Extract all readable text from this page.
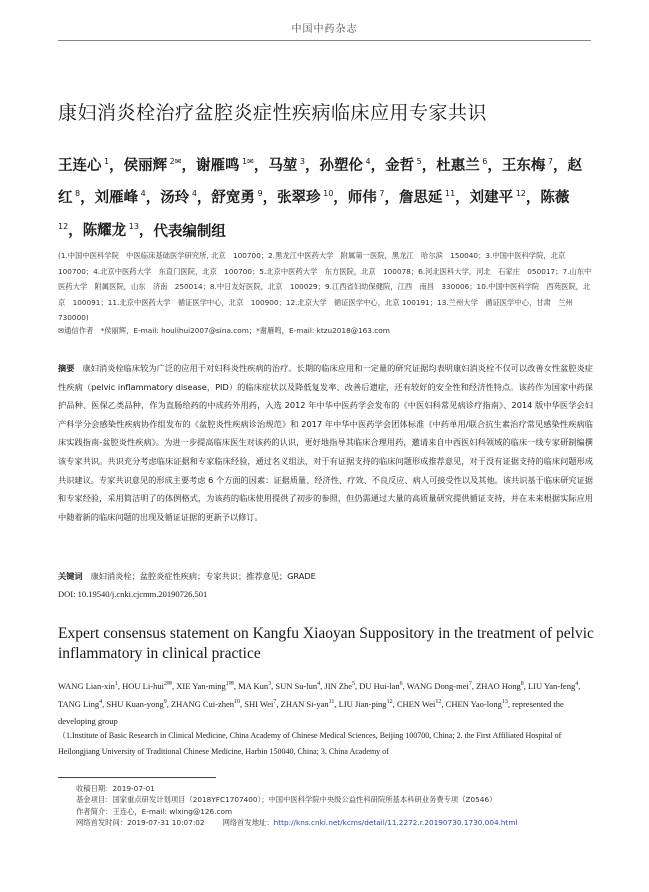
中国中药杂志
康妇消炎栓治疗盆腔炎症性疾病临床应用专家共识
王连心 $^1$，侯丽辉 $^{2✉}$，谢雁鸣 $^{1✉}$，马堃 $^3$，孙塑伦 $^4$，金哲 $^5$，杜惠兰 $^6$，王东梅 $^7$，赵红 $^8$，刘雁峰 $^4$，汤玲 $^4$，舒宽勇 $^9$，张翠珍 $^{10}$，师伟 $^7$，詹思延 $^{11}$，刘建平 $^{12}$，陈薇 $^{12}$，陈耀龙 $^{13}$，代表编制组
(1.中国中医科学院　中医临床基础医学研究所, 北京　100700；2.黑龙江中医药大学　附属第一医院，黑龙江　哈尔滨　150040；3.中国中医科学院，北京　100700；4.北京中医药大学　东直门医院，北京　100700；5.北京中医药大学　东方医院，北京　100078；6.河北医科大学，河北　石家庄　050017；7.山东中医药大学　附属医院，山东　济南　250014；8.中日友好医院，北京　100029；9.江西省妇幼保健院，江西　南昌　330006；10.中国中医科学院　西苑医院，北京　100091；11.北京中医药大学　循证医学中心，北京　100900；12.北京大学　循证医学中心，北京 100191；13.兰州大学　循证医学中心，甘肃　兰州　730000)
✉通信作者　*侯丽辉，E-mail: houlihui2007@sina.com；*谢雁鸣，E-mail: ktzu2018@163.com
摘要 康妇消炎栓临床较为广泛的应用于对妇科炎性疾病的治疗。长期的临床应用和一定量的研究证据均表明康妇消炎栓不仅可以改善女性盆腔炎症性疾病（pelvic inflammatory disease，PID）的临床症状以及降低复发率、改善后遗症，还有较好的安全性和经济性特点。该药作为国家中药保护品种、医保乙类品种，作为直肠给药的中成药外用药，入选 2012 年中华中医药学会发布的《中医妇科常见病诊疗指南》、2014 版中华医学会妇产科学分会感染性疾病协作组发布的《盆腔炎性疾病诊治规范》和 2017 年中华中医药学会团体标准《中药单用/联合抗生素治疗常见感染性疾病临床实践指南-盆腔炎性疾病》。为进一步提高临床医生对该药的认识，更好地指导其临床合理用药，邀请来自中西医妇科领域的临床一线专家研制编撰该专家共识。共识充分考虑临床证据和专家临床经验，通过名义组法，对于有证据支持的临床问题形成推荐意见，对于没有证据支持的临床问题形成共识建议。专家共识意见的形成主要考虑 6 个方面的因素：证据质量、经济性、疗效、不良反应、病人可接受性以及其他。该共识基于临床研究证据和专家经验，采用简洁明了的体例格式，为该药的临床使用提供了初步的参照，但仍需通过大量的高质量研究提供循证支持，并在未来根据实际应用中随着新的临床问题的出现及循证证据的更新予以修订。
关键词 康妇消炎栓；盆腔炎症性疾病；专家共识；推荐意见；GRADE
DOI: 10.19540/j.cnki.cjcmm.20190726.501
Expert consensus statement on Kangfu Xiaoyan Suppository in the treatment of pelvic inflammatory in clinical practice
WANG Lian-xin$^1$, HOU Li-hui$^{2✉}$, XIE Yan-ming$^{1✉}$, MA Kun$^3$, SUN Su-lun$^4$, JIN Zhe$^5$, DU Hui-lan$^6$, WANG Dong-mei$^7$, ZHAO Hong$^8$, LIU Yan-feng$^4$, TANG Ling$^4$, SHU Kuan-yong$^9$, ZHANG Cui-zhen$^{10}$, SHI Wei$^7$, ZHAN Si-yan$^{11}$, LIU Jian-ping$^{12}$, CHEN Wei$^{12}$, CHEN Yao-long$^{13}$, represented the developing group
（1.Institute of Basic Research in Clinical Medicine, China Academy of Chinese Medical Sciences, Beijing 100700, China; 2. the First Affiliated Hospital of Heilongjiang University of Traditional Chinese Medicine, Harbin 150040, China; 3. China Academy of
收稿日期：2019-07-01
基金项目：国家重点研发计划项目（2018YFC1707400）；中国中医科学院中央级公益性科研院所基本科研业务费专项（Z0546）
作者简介：王连心，E-mail: wlxing@126.com
网络首发时间：2019-07-31 10:07:02 网络首发地址：http://kns.cnki.net/kcms/detail/11.2272.r.20190730.1730.004.html
